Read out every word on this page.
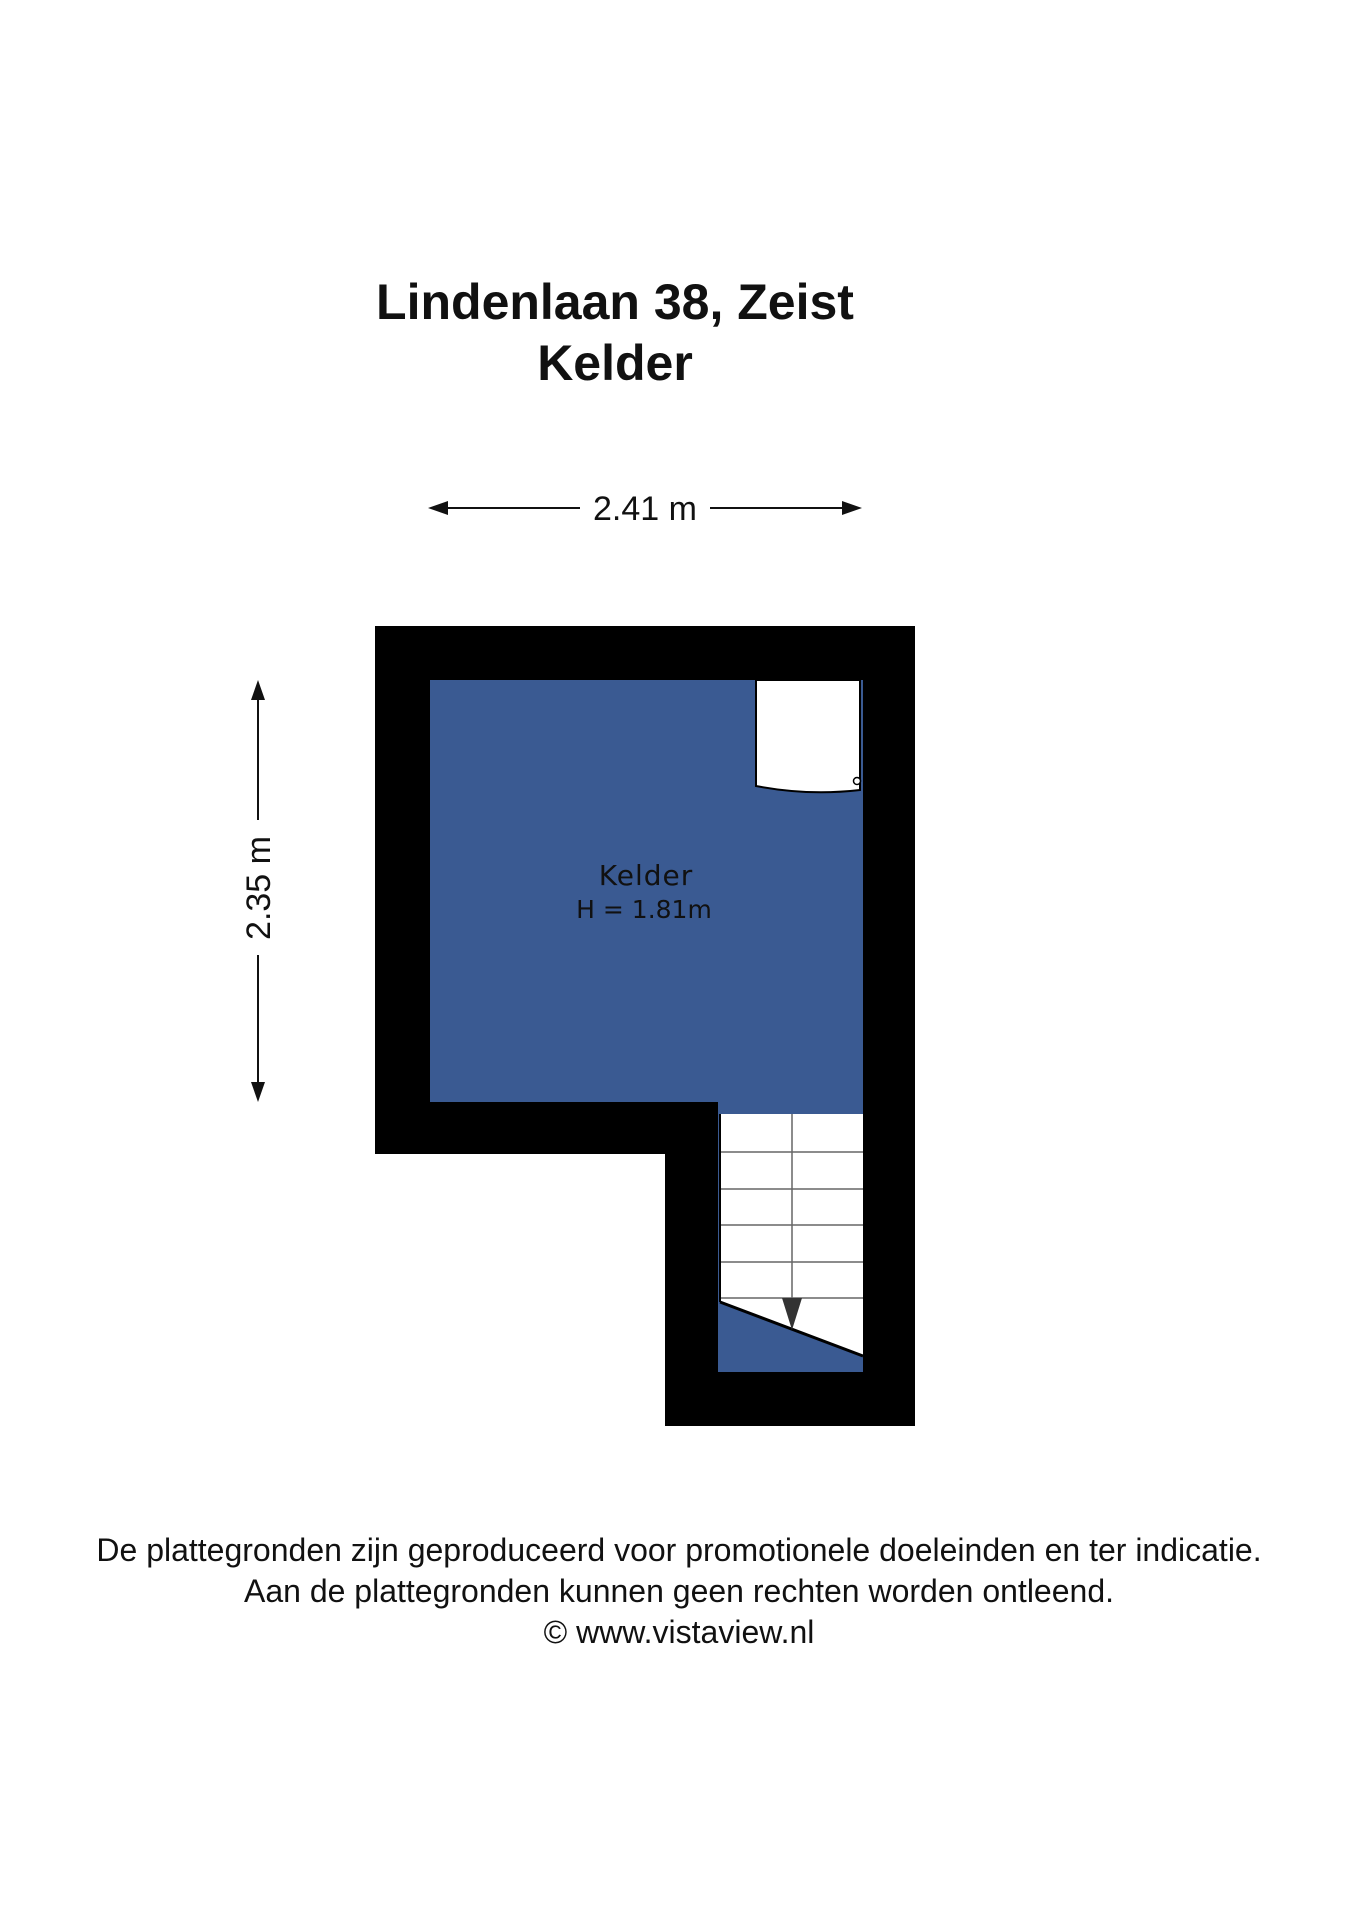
Lindenlaan 38, Zeist
Kelder
2.41 m
2.35 m	Kelder
H = 1.81m
De plattegronden zijn geproduceerd voor promotionele doeleinden en ter indicatie.
Aan de plattegronden kunnen geen rechten worden ontleend.
© www.vistaview.nl
